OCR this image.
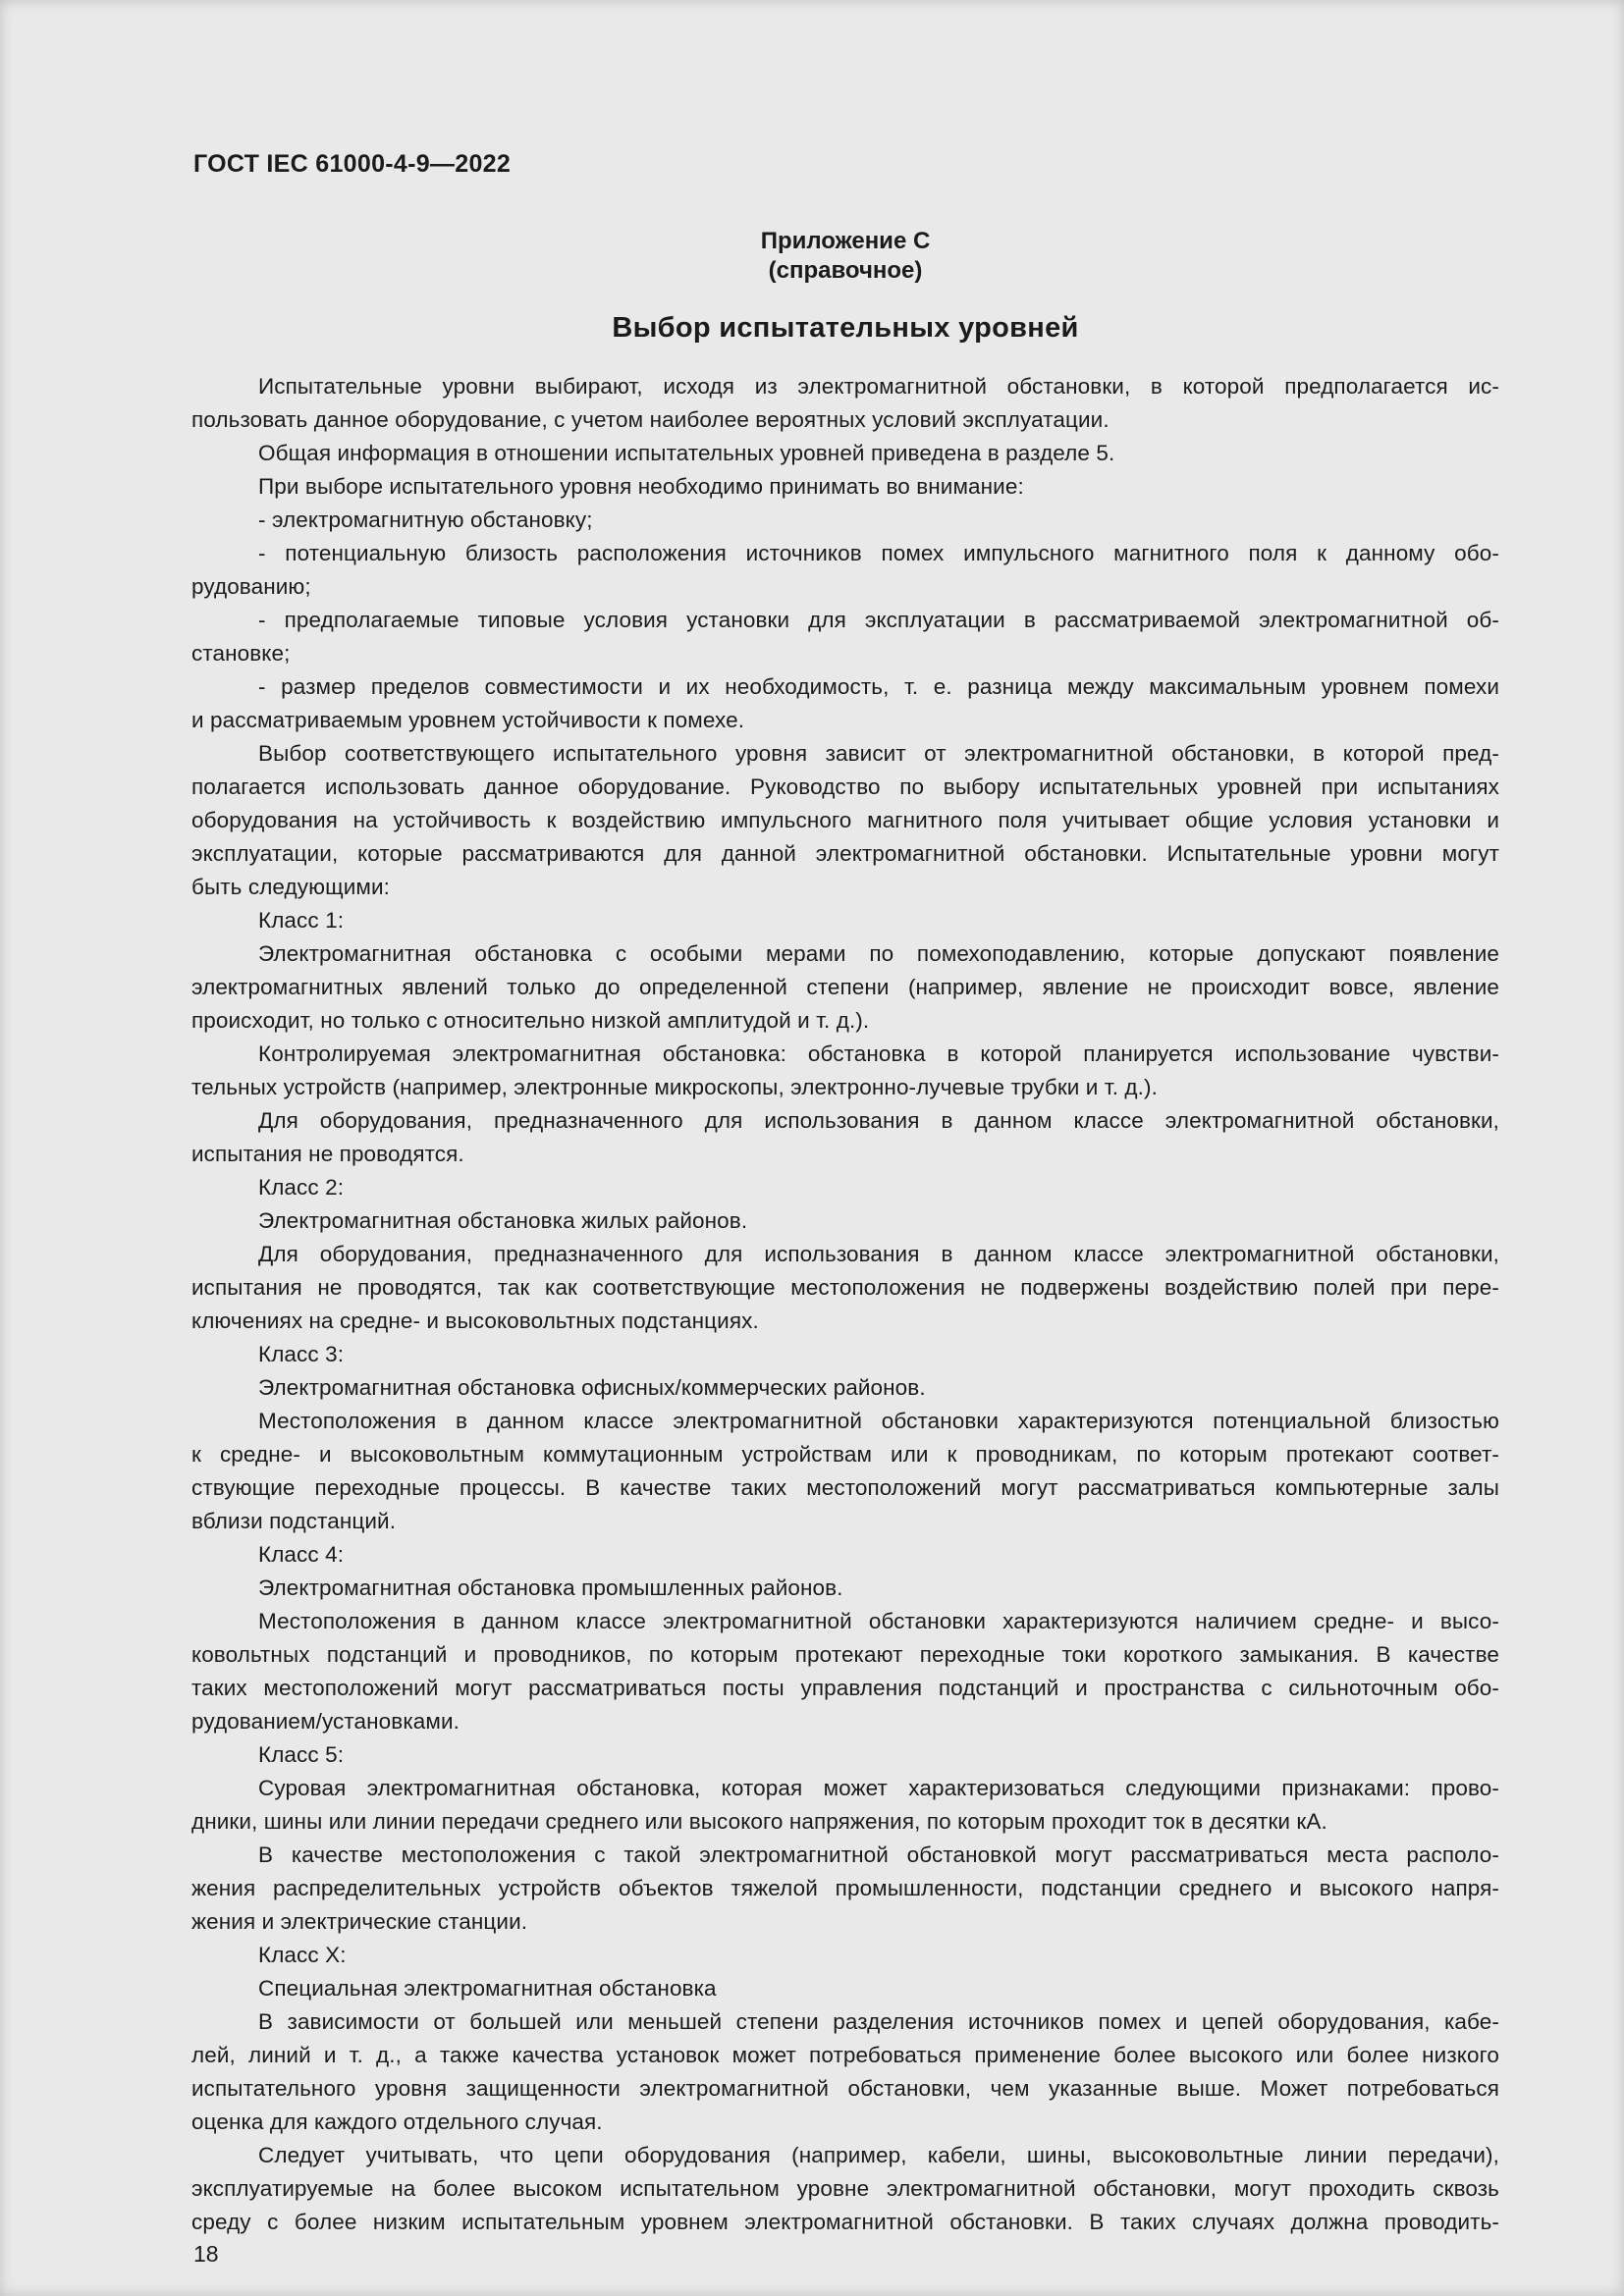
ГОСТ IEC 61000-4-9—2022
Приложение С
(справочное)
Выбор испытательных уровней
Испытательные уровни выбирают, исходя из электромагнитной обстановки, в которой предполагается ис-
пользовать данное оборудование, с учетом наиболее вероятных условий эксплуатации.
Общая информация в отношении испытательных уровней приведена в разделе 5.
При выборе испытательного уровня необходимо принимать во внимание:
- электромагнитную обстановку;
- потенциальную близость расположения источников помех импульсного магнитного поля к данному обо-
рудованию;
- предполагаемые типовые условия установки для эксплуатации в рассматриваемой электромагнитной об-
становке;
- размер пределов совместимости и их необходимость, т. е. разница между максимальным уровнем помехи
и рассматриваемым уровнем устойчивости к помехе.
Выбор соответствующего испытательного уровня зависит от электромагнитной обстановки, в которой пред-
полагается использовать данное оборудование. Руководство по выбору испытательных уровней при испытаниях
оборудования на устойчивость к воздействию импульсного магнитного поля учитывает общие условия установки и
эксплуатации, которые рассматриваются для данной электромагнитной обстановки. Испытательные уровни могут
быть следующими:
Класс 1:
Электромагнитная обстановка с особыми мерами по помехоподавлению, которые допускают появление
электромагнитных явлений только до определенной степени (например, явление не происходит вовсе, явление
происходит, но только с относительно низкой амплитудой и т. д.).
Контролируемая электромагнитная обстановка: обстановка в которой планируется использование чувстви-
тельных устройств (например, электронные микроскопы, электронно-лучевые трубки и т. д.).
Для оборудования, предназначенного для использования в данном классе электромагнитной обстановки,
испытания не проводятся.
Класс 2:
Электромагнитная обстановка жилых районов.
Для оборудования, предназначенного для использования в данном классе электромагнитной обстановки,
испытания не проводятся, так как соответствующие местоположения не подвержены воздействию полей при пере-
ключениях на средне- и высоковольтных подстанциях.
Класс 3:
Электромагнитная обстановка офисных/коммерческих районов.
Местоположения в данном классе электромагнитной обстановки характеризуются потенциальной близостью
к средне- и высоковольтным коммутационным устройствам или к проводникам, по которым протекают соответ-
ствующие переходные процессы. В качестве таких местоположений могут рассматриваться компьютерные залы
вблизи подстанций.
Класс 4:
Электромагнитная обстановка промышленных районов.
Местоположения в данном классе электромагнитной обстановки характеризуются наличием средне- и высо-
ковольтных подстанций и проводников, по которым протекают переходные токи короткого замыкания. В качестве
таких местоположений могут рассматриваться посты управления подстанций и пространства с сильноточным обо-
рудованием/установками.
Класс 5:
Суровая электромагнитная обстановка, которая может характеризоваться следующими признаками: прово-
дники, шины или линии передачи среднего или высокого напряжения, по которым проходит ток в десятки кА.
В качестве местоположения с такой электромагнитной обстановкой могут рассматриваться места располо-
жения распределительных устройств объектов тяжелой промышленности, подстанции среднего и высокого напря-
жения и электрические станции.
Класс X:
Специальная электромагнитная обстановка
В зависимости от большей или меньшей степени разделения источников помех и цепей оборудования, кабе-
лей, линий и т. д., а также качества установок может потребоваться применение более высокого или более низкого
испытательного уровня защищенности электромагнитной обстановки, чем указанные выше. Может потребоваться
оценка для каждого отдельного случая.
Следует учитывать, что цепи оборудования (например, кабели, шины, высоковольтные линии передачи),
эксплуатируемые на более высоком испытательном уровне электромагнитной обстановки, могут проходить сквозь
среду с более низким испытательным уровнем электромагнитной обстановки. В таких случаях должна проводить-
18
